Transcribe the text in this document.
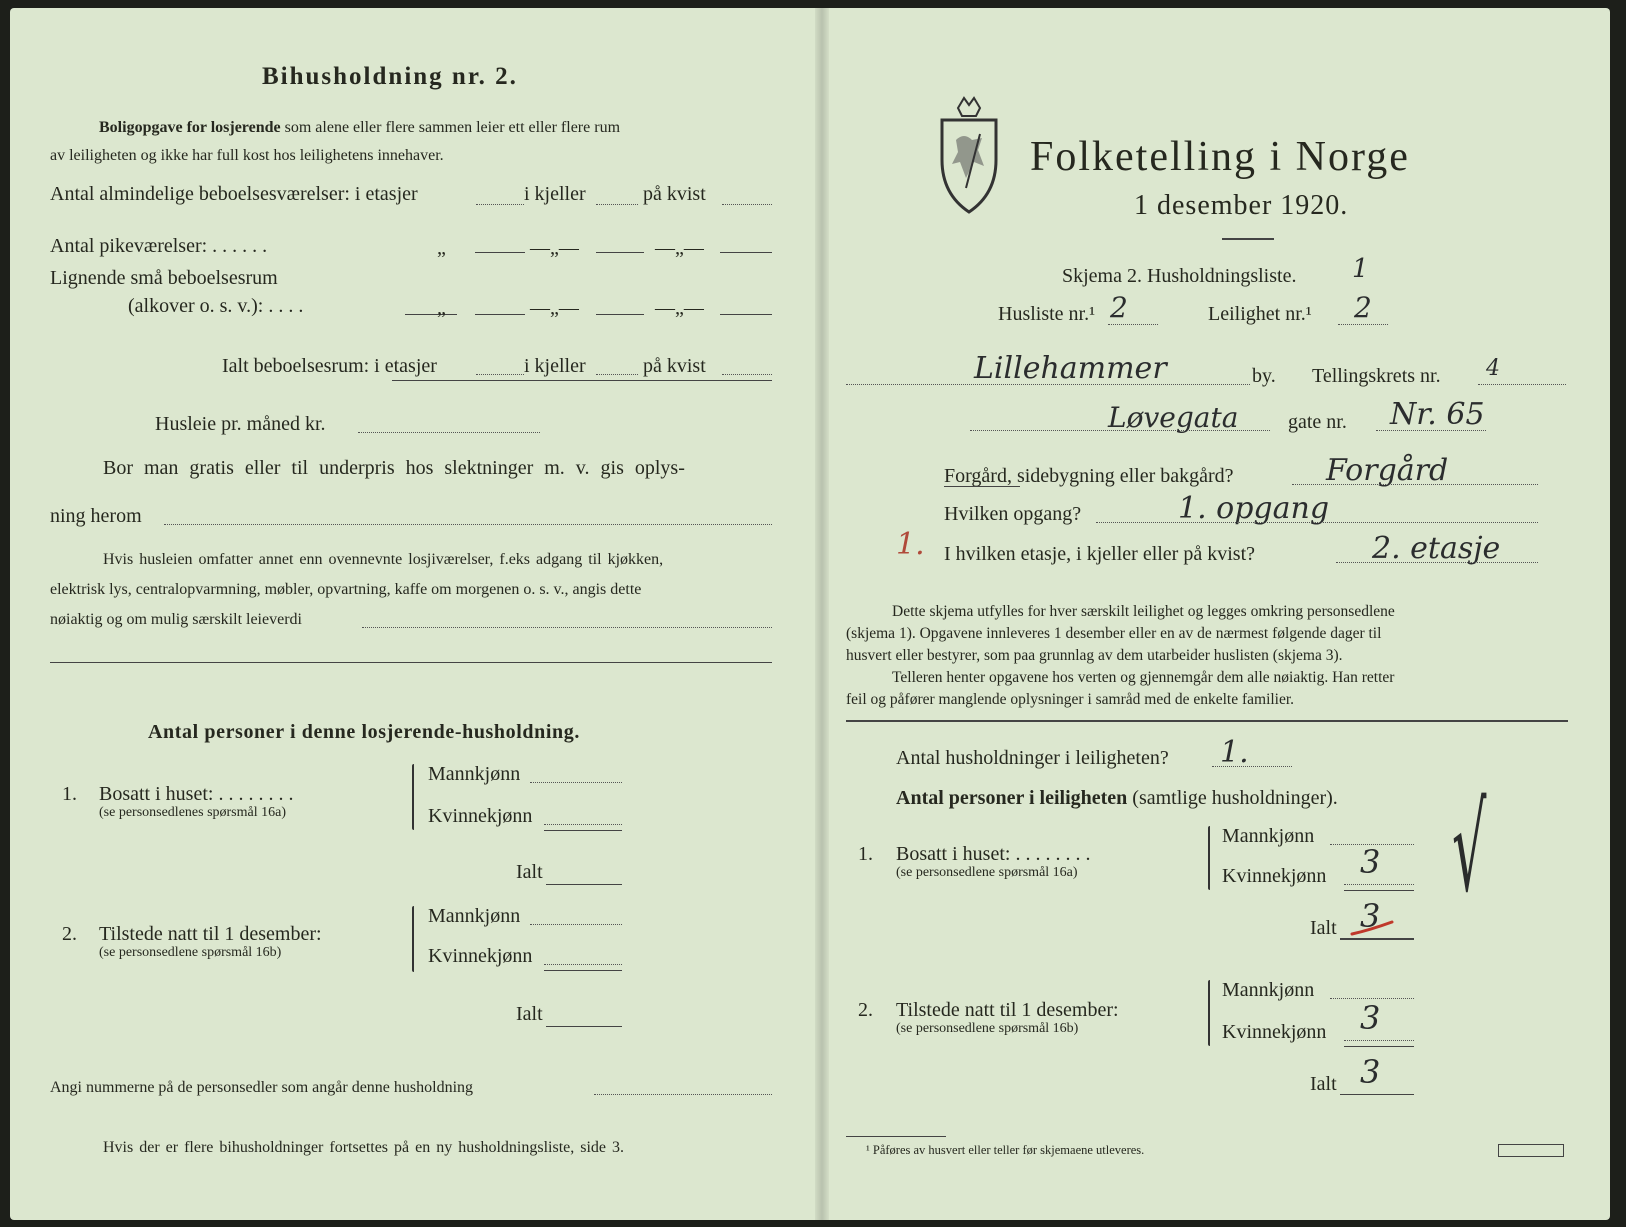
Bihusholdning nr. 2.
Boligopgave for losjerende som alene eller flere sammen leier ett eller flere rum
av leiligheten og ikke har full kost hos leilighetens innehaver.
Antal almindelige beboelsesværelser: i etasjer	i kjeller	på kvist
Antal pikeværelser: . . . . . .	„	—„—	—„—
Lignende små beboelsesrum
(alkover o. s. v.): . . . .	„	—„—	—„—
Ialt beboelsesrum: i etasjer	i kjeller	på kvist
Husleie pr. måned kr.
Bor man gratis eller til underpris hos slektninger m. v. gis oplys-
ning herom
Hvis husleien omfatter annet enn ovennevnte losjiværelser, f.eks adgang til kjøkken,
elektrisk lys, centralopvarmning, møbler, opvartning, kaffe om morgenen o. s. v., angis dette
nøiaktig og om mulig særskilt leieverdi
Antal personer i denne losjerende-husholdning.
1. Bosatt i huset: . . . . . . . .
(se personsedlenes spørsmål 16a)
Mannkjønn
Kvinnekjønn
Ialt
2. Tilstede natt til 1 desember:
(se personsedlene spørsmål 16b)
Mannkjønn
Kvinnekjønn
Ialt
Angi nummerne på de personsedler som angår denne husholdning
Hvis der er flere bihusholdninger fortsettes på en ny husholdningsliste, side 3.
Folketelling i Norge
1 desember 1920.
Skjema 2. Husholdningsliste. 1
Husliste nr.¹ 2	Leilighet nr.¹ 2
Lillehammer	by. Tellingskrets nr. 4
Løvegata gate nr. Nr. 65
Forgård, sidebygning eller bakgård?	Forgård
Hvilken opgang?	1. opgang
1. I hvilken etasje, i kjeller eller på kvist?	2. etasje
Dette skjema utfylles for hver særskilt leilighet og legges omkring personsedlene
(skjema 1). Opgavene innleveres 1 desember eller en av de nærmest følgende dager til
husvert eller bestyrer, som paa grunnlag av dem utarbeider huslisten (skjema 3).
Telleren henter opgavene hos verten og gjennemgår dem alle nøiaktig. Han retter
feil og påfører manglende oplysninger i samråd med de enkelte familier.
Antal husholdninger i leiligheten? 1.
Antal personer i leiligheten (samtlige husholdninger).
1. Bosatt i huset: . . . . . . . .
(se personsedlene spørsmål 16a)
Mannkjønn
Kvinnekjønn 3
Ialt 3 √
2. Tilstede natt til 1 desember:
(se personsedlene spørsmål 16b)
Mannkjønn
Kvinnekjønn 3
Ialt 3
¹ Påføres av husvert eller teller før skjemaene utleveres.
